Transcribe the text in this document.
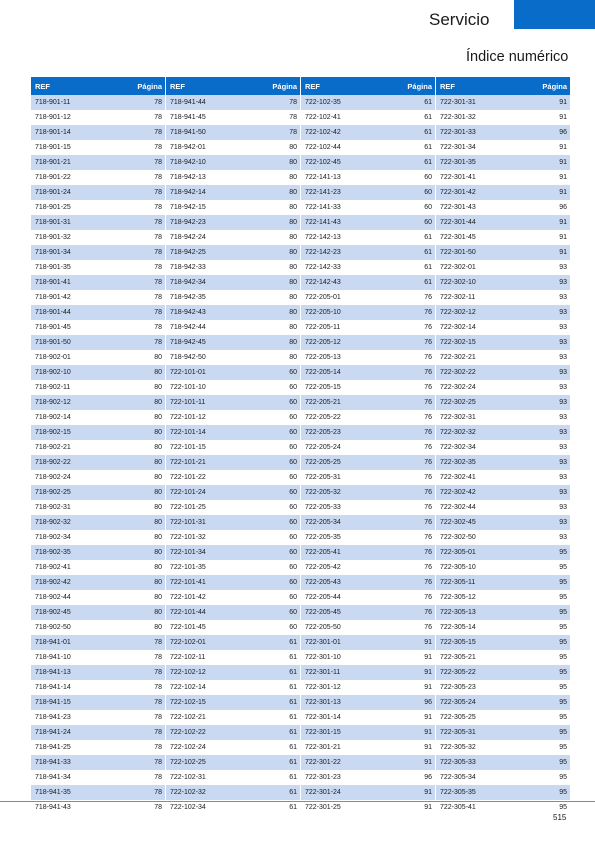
Servicio
Índice numérico
REF	Página
718-901-11	78
718-901-12	78
718-901-14	78
718-901-15	78
718-901-21	78
718-901-22	78
718-901-24	78
718-901-25	78
718-901-31	78
718-901-32	78
718-901-34	78
718-901-35	78
718-901-41	78
718-901-42	78
718-901-44	78
718-901-45	78
718-901-50	78
718-902-01	80
718-902-10	80
718-902-11	80
718-902-12	80
718-902-14	80
718-902-15	80
718-902-21	80
718-902-22	80
718-902-24	80
718-902-25	80
718-902-31	80
718-902-32	80
718-902-34	80
718-902-35	80
718-902-41	80
718-902-42	80
718-902-44	80
718-902-45	80
718-902-50	80
718-941-01	78
718-941-10	78
718-941-13	78
718-941-14	78
718-941-15	78
718-941-23	78
718-941-24	78
718-941-25	78
718-941-33	78
718-941-34	78
718-941-35	78
718-941-43	78
REF	Página
718-941-44	78
718-941-45	78
718-941-50	78
718-942-01	80
718-942-10	80
718-942-13	80
718-942-14	80
718-942-15	80
718-942-23	80
718-942-24	80
718-942-25	80
718-942-33	80
718-942-34	80
718-942-35	80
718-942-43	80
718-942-44	80
718-942-45	80
718-942-50	80
722-101-01	60
722-101-10	60
722-101-11	60
722-101-12	60
722-101-14	60
722-101-15	60
722-101-21	60
722-101-22	60
722-101-24	60
722-101-25	60
722-101-31	60
722-101-32	60
722-101-34	60
722-101-35	60
722-101-41	60
722-101-42	60
722-101-44	60
722-101-45	60
722-102-01	61
722-102-11	61
722-102-12	61
722-102-14	61
722-102-15	61
722-102-21	61
722-102-22	61
722-102-24	61
722-102-25	61
722-102-31	61
722-102-32	61
722-102-34	61
REF	Página
722-102-35	61
722-102-41	61
722-102-42	61
722-102-44	61
722-102-45	61
722-141-13	60
722-141-23	60
722-141-33	60
722-141-43	60
722-142-13	61
722-142-23	61
722-142-33	61
722-142-43	61
722-205-01	76
722-205-10	76
722-205-11	76
722-205-12	76
722-205-13	76
722-205-14	76
722-205-15	76
722-205-21	76
722-205-22	76
722-205-23	76
722-205-24	76
722-205-25	76
722-205-31	76
722-205-32	76
722-205-33	76
722-205-34	76
722-205-35	76
722-205-41	76
722-205-42	76
722-205-43	76
722-205-44	76
722-205-45	76
722-205-50	76
722-301-01	91
722-301-10	91
722-301-11	91
722-301-12	91
722-301-13	96
722-301-14	91
722-301-15	91
722-301-21	91
722-301-22	91
722-301-23	96
722-301-24	91
722-301-25	91
REF	Página
722-301-31	91
722-301-32	91
722-301-33	96
722-301-34	91
722-301-35	91
722-301-41	91
722-301-42	91
722-301-43	96
722-301-44	91
722-301-45	91
722-301-50	91
722-302-01	93
722-302-10	93
722-302-11	93
722-302-12	93
722-302-14	93
722-302-15	93
722-302-21	93
722-302-22	93
722-302-24	93
722-302-25	93
722-302-31	93
722-302-32	93
722-302-34	93
722-302-35	93
722-302-41	93
722-302-42	93
722-302-44	93
722-302-45	93
722-302-50	93
722-305-01	95
722-305-10	95
722-305-11	95
722-305-12	95
722-305-13	95
722-305-14	95
722-305-15	95
722-305-21	95
722-305-22	95
722-305-23	95
722-305-24	95
722-305-25	95
722-305-31	95
722-305-32	95
722-305-33	95
722-305-34	95
722-305-35	95
722-305-41	95
515
